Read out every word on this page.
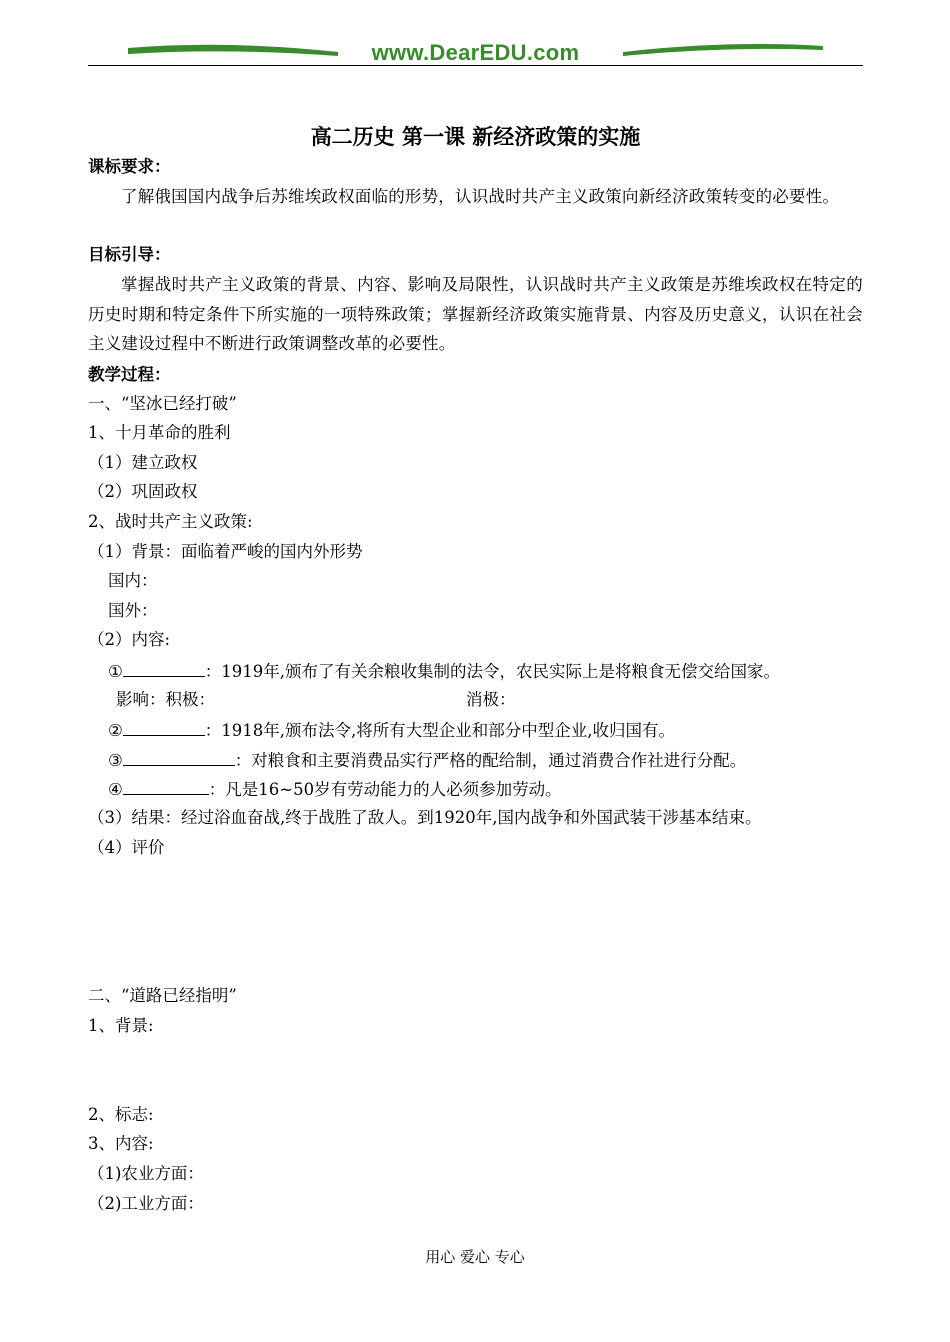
www.DearEDU.com
高二历史 第一课 新经济政策的实施
课标要求：
了解俄国国内战争后苏维埃政权面临的形势，认识战时共产主义政策向新经济政策转变的必要性。
目标引导：
掌握战时共产主义政策的背景、内容、影响及局限性，认识战时共产主义政策是苏维埃政权在特定的历史时期和特定条件下所实施的一项特殊政策；掌握新经济政策实施背景、内容及历史意义，认识在社会主义建设过程中不断进行政策调整改革的必要性。
教学过程：
一、“坚冰已经打破”
1、十月革命的胜利
（1）建立政权
（2）巩固政权
2、战时共产主义政策:
（1）背景：面临着严峻的国内外形势
国内：
国外：
（2）内容:
①	：1919年,颁布了有关余粮收集制的法令，农民实际上是将粮食无偿交给国家。
影响：积极：	消极：
②	：1918年,颁布法令,将所有大型企业和部分中型企业,收归国有。
③	：对粮食和主要消费品实行严格的配给制，通过消费合作社进行分配。
④	：凡是16~50岁有劳动能力的人必须参加劳动。
（3）结果：经过浴血奋战,终于战胜了敌人。到1920年,国内战争和外国武装干涉基本结束。
（4）评价
二、“道路已经指明”
1、背景:
2、标志:
3、内容:
（1)农业方面：
（2)工业方面：
用心 爱心 专心
